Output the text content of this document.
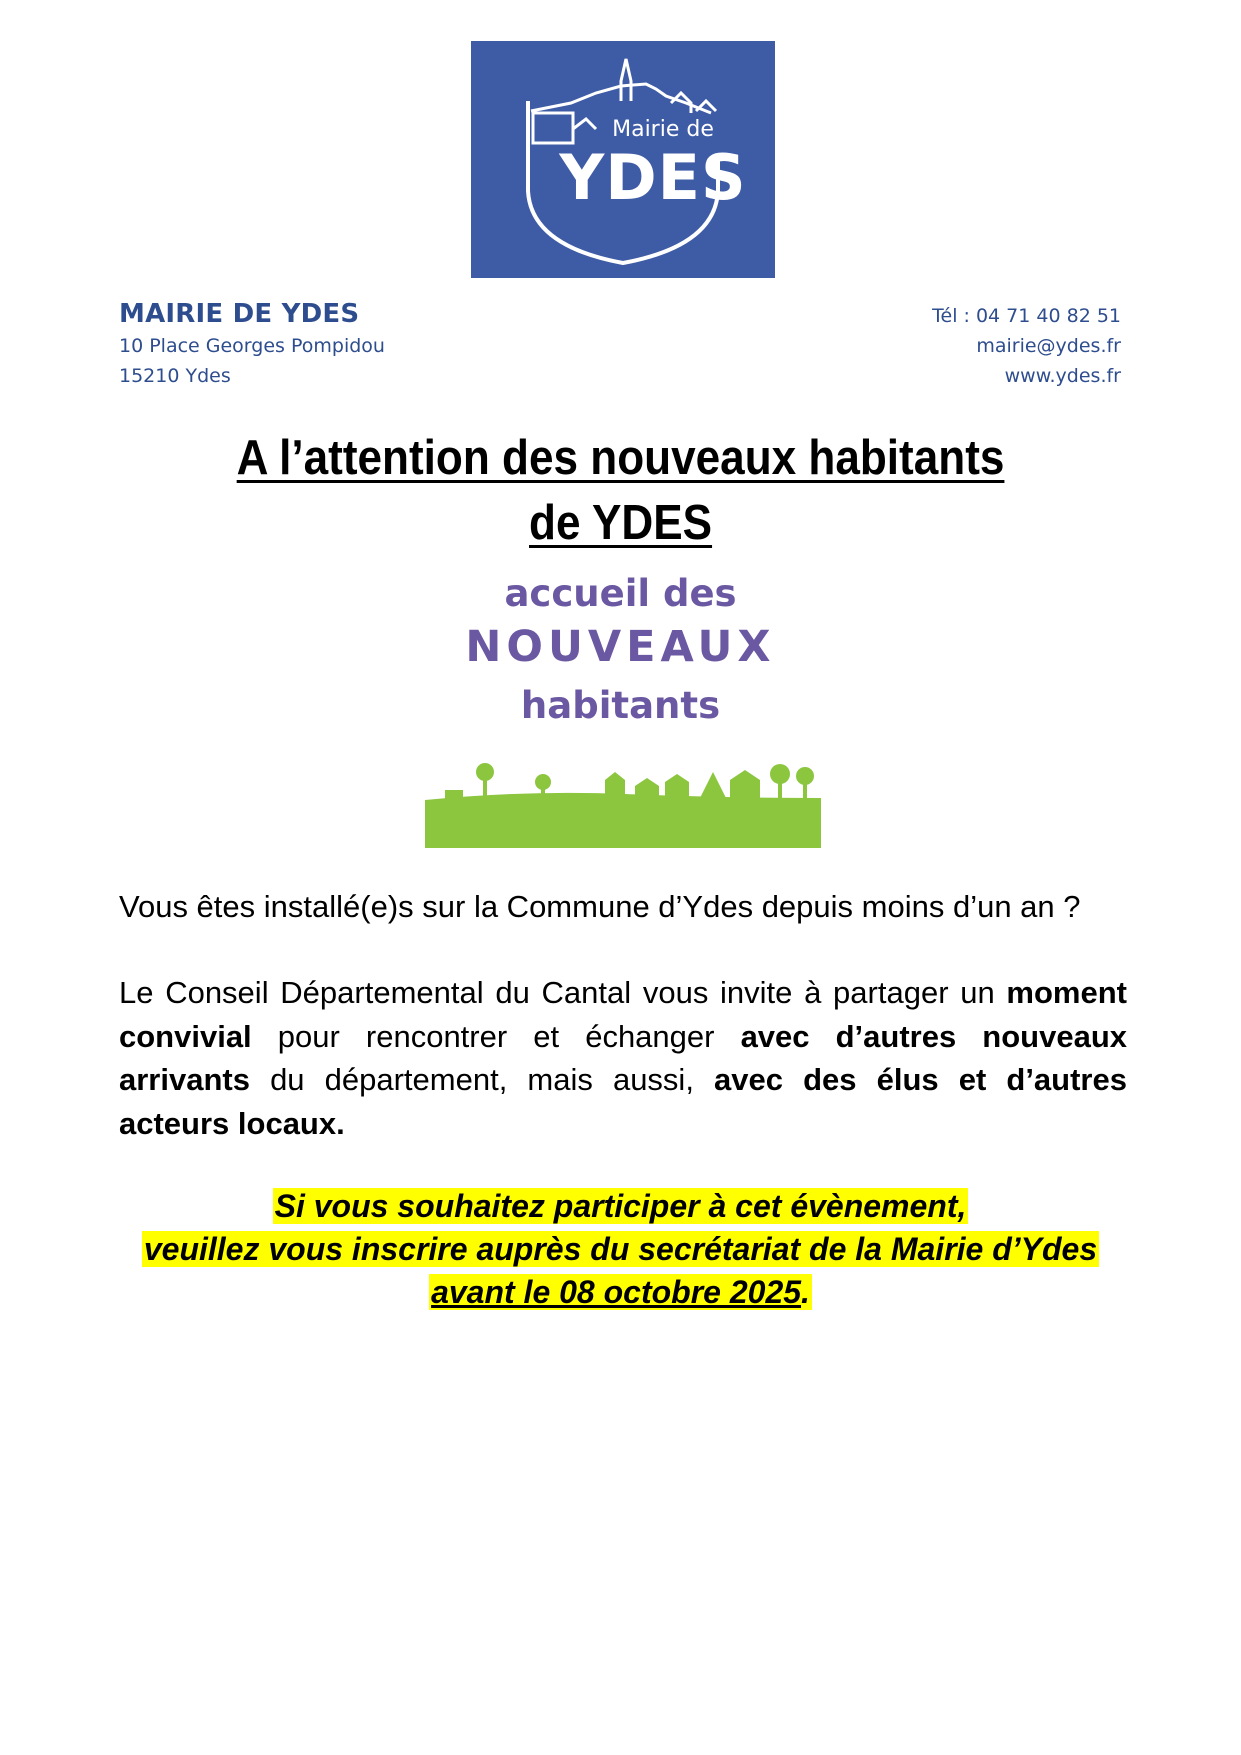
Mairie de
YDES
MAIRIE DE YDES
10 Place Georges Pompidou
15210 Ydes
Tél : 04 71 40 82 51
mairie@ydes.fr
www.ydes.fr
A l’attention des nouveaux habitants
de YDES
accueil des
NOUVEAUX
habitants
Vous êtes installé(e)s sur la Commune d’Ydes depuis moins d’un an ?
Le Conseil Départemental du Cantal vous invite à partager un moment convivial pour rencontrer et échanger avec d’autres nouveaux arrivants du département, mais aussi, avec des élus et d’autres acteurs locaux.
Si vous souhaitez participer à cet évènement,
veuillez vous inscrire auprès du secrétariat de la Mairie d’Ydes
avant le 08 octobre 2025.
